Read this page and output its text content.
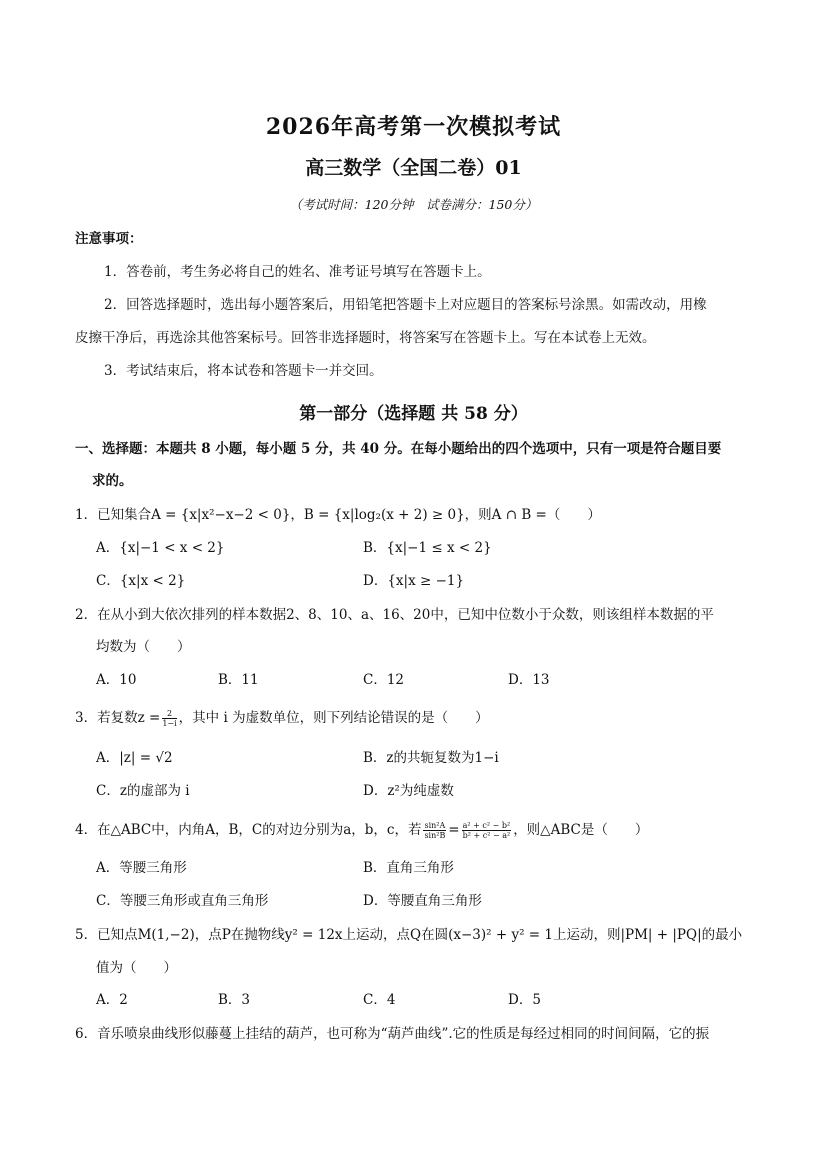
2026年高考第一次模拟考试
高三数学（全国二卷）01
（考试时间：120分钟　试卷满分：150分）
注意事项：
1．答卷前，考生务必将自己的姓名、准考证号填写在答题卡上。
2．回答选择题时，选出每小题答案后，用铅笔把答题卡上对应题目的答案标号涂黑。如需改动，用橡
皮擦干净后，再选涂其他答案标号。回答非选择题时，将答案写在答题卡上。写在本试卷上无效。
3．考试结束后，将本试卷和答题卡一并交回。
第一部分（选择题 共 58 分）
一、选择题：本题共 8 小题，每小题 5 分，共 40 分。在每小题给出的四个选项中，只有一项是符合题目要
求的。
1．已知集合A = {x|x²−x−2 < 0}，B = {x|log₂(x + 2) ≥ 0}，则A ∩ B =（　　）
A．{x|−1 < x < 2}	B．{x|−1 ≤ x < 2}
C．{x|x < 2}	D．{x|x ≥ −1}
2．在从小到大依次排列的样本数据2、8、10、a、16、20中，已知中位数小于众数，则该组样本数据的平
均数为（　　）
A．10	B．11	C．12	D．13
3．若复数$z = \frac{2}{1-i}$ ，其中 i 为虚数单位，则下列结论错误的是（　　）
A．|z| = √2	B．z的共轭复数为1−i
C．z的虚部为 i	D．z²为纯虚数
4．在△ABC中，内角A，B，C的对边分别为a，b，c，若 $\frac{\text{sin²A}}{\text{sin²B}} = \frac{\text{a² + c² − b²}}{\text{b² + c² − a²}}$ ，则△ABC是（　　）
A．等腰三角形	B．直角三角形
C．等腰三角形或直角三角形	D．等腰直角三角形
5．已知点M(1,−2)，点P在抛物线y² = 12x上运动，点Q在圆(x−3)² + y² = 1上运动，则|PM| + |PQ|的最小
值为（　　）
A．2	B．3	C．4	D．5
6．音乐喷泉曲线形似藤蔓上挂结的葫芦，也可称为“葫芦曲线”.它的性质是每经过相同的时间间隔，它的振
